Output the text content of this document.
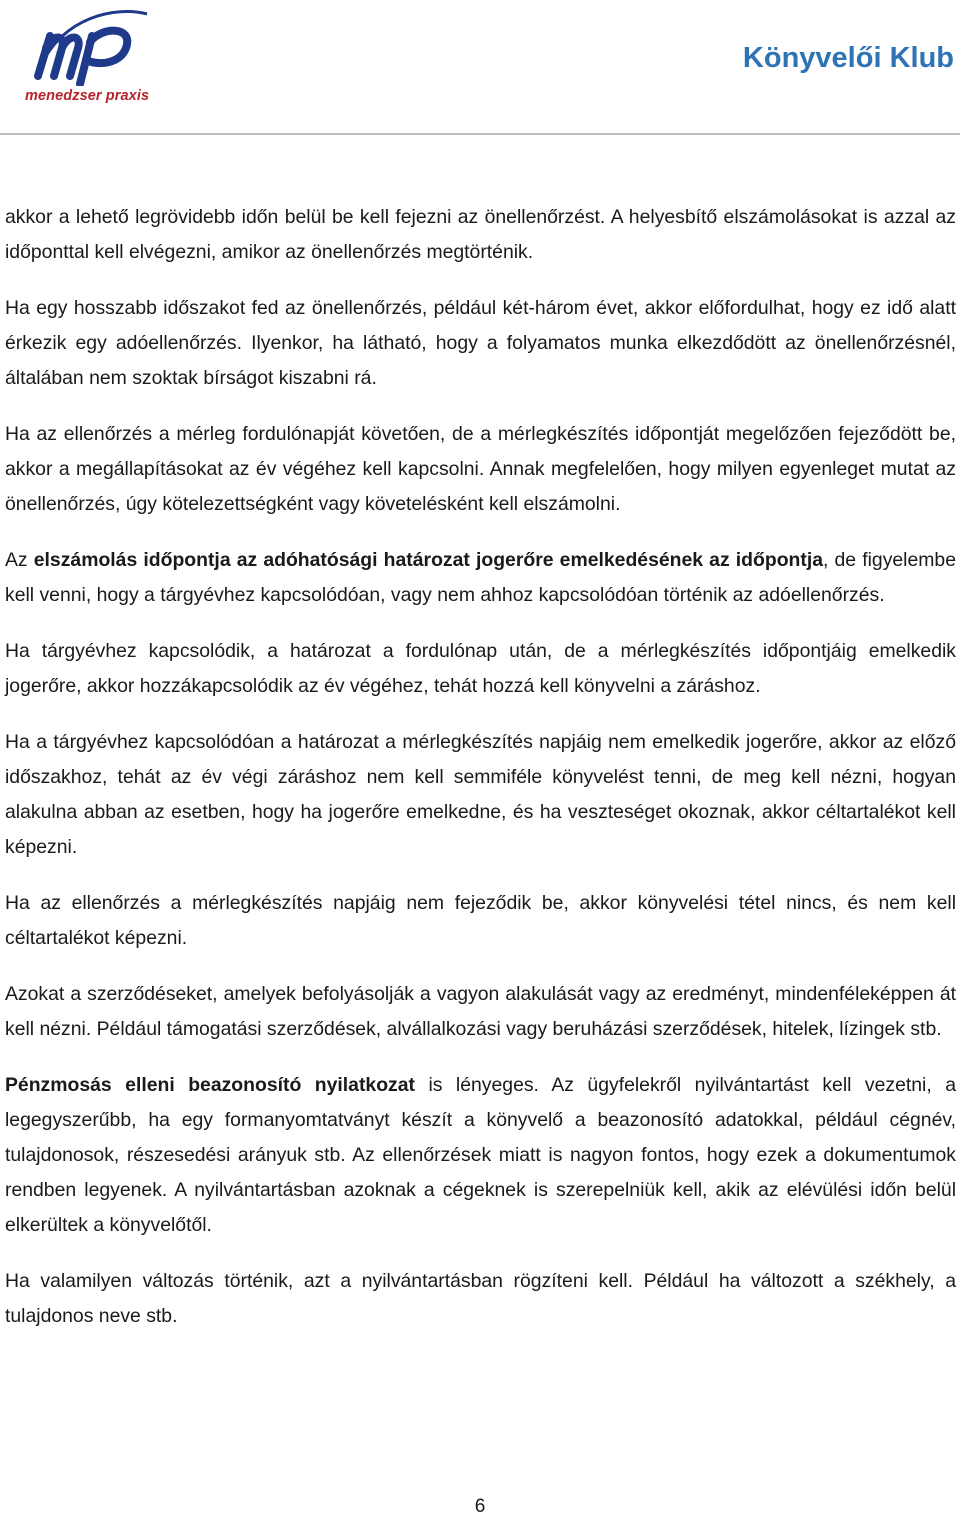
menedzser praxis
Könyvelői Klub

akkor a lehető legrövidebb időn belül be kell fejezni az önellenőrzést. A helyesbítő elszámolásokat is azzal az időponttal kell elvégezni, amikor az önellenőrzés megtörténik.

Ha egy hosszabb időszakot fed az önellenőrzés, például két-három évet, akkor előfordulhat, hogy ez idő alatt érkezik egy adóellenőrzés. Ilyenkor, ha látható, hogy a folyamatos munka elkezdődött az önellenőrzésnél, általában nem szoktak bírságot kiszabni rá.

Ha az ellenőrzés a mérleg fordulónapját követően, de a mérlegkészítés időpontját megelőzően fejeződött be, akkor a megállapításokat az év végéhez kell kapcsolni. Annak megfelelően, hogy milyen egyenleget mutat az önellenőrzés, úgy kötelezettségként vagy követelésként kell elszámolni.

Az elszámolás időpontja az adóhatósági határozat jogerőre emelkedésének az időpontja, de figyelembe kell venni, hogy a tárgyévhez kapcsolódóan, vagy nem ahhoz kapcsolódóan történik az adóellenőrzés.

Ha tárgyévhez kapcsolódik, a határozat a fordulónap után, de a mérlegkészítés időpontjáig emelkedik jogerőre, akkor hozzákapcsolódik az év végéhez, tehát hozzá kell könyvelni a záráshoz.

Ha a tárgyévhez kapcsolódóan a határozat a mérlegkészítés napjáig nem emelkedik jogerőre, akkor az előző időszakhoz, tehát az év végi záráshoz nem kell semmiféle könyvelést tenni, de meg kell nézni, hogyan alakulna abban az esetben, hogy ha jogerőre emelkedne, és ha veszteséget okoznak, akkor céltartalékot kell képezni.

Ha az ellenőrzés a mérlegkészítés napjáig nem fejeződik be, akkor könyvelési tétel nincs, és nem kell céltartalékot képezni.

Azokat a szerződéseket, amelyek befolyásolják a vagyon alakulását vagy az eredményt, mindenféleképpen át kell nézni. Például támogatási szerződések, alvállalkozási vagy beruházási szerződések, hitelek, lízingek stb.

Pénzmosás elleni beazonosító nyilatkozat is lényeges. Az ügyfelekről nyilvántartást kell vezetni, a legegyszerűbb, ha egy formanyomtatványt készít a könyvelő a beazonosító adatokkal, például cégnév, tulajdonosok, részesedési arányuk stb. Az ellenőrzések miatt is nagyon fontos, hogy ezek a dokumentumok rendben legyenek. A nyilvántartásban azoknak a cégeknek is szerepelniük kell, akik az elévülési időn belül elkerültek a könyvelőtől.

Ha valamilyen változás történik, azt a nyilvántartásban rögzíteni kell. Például ha változott a székhely, a tulajdonos neve stb.

6
